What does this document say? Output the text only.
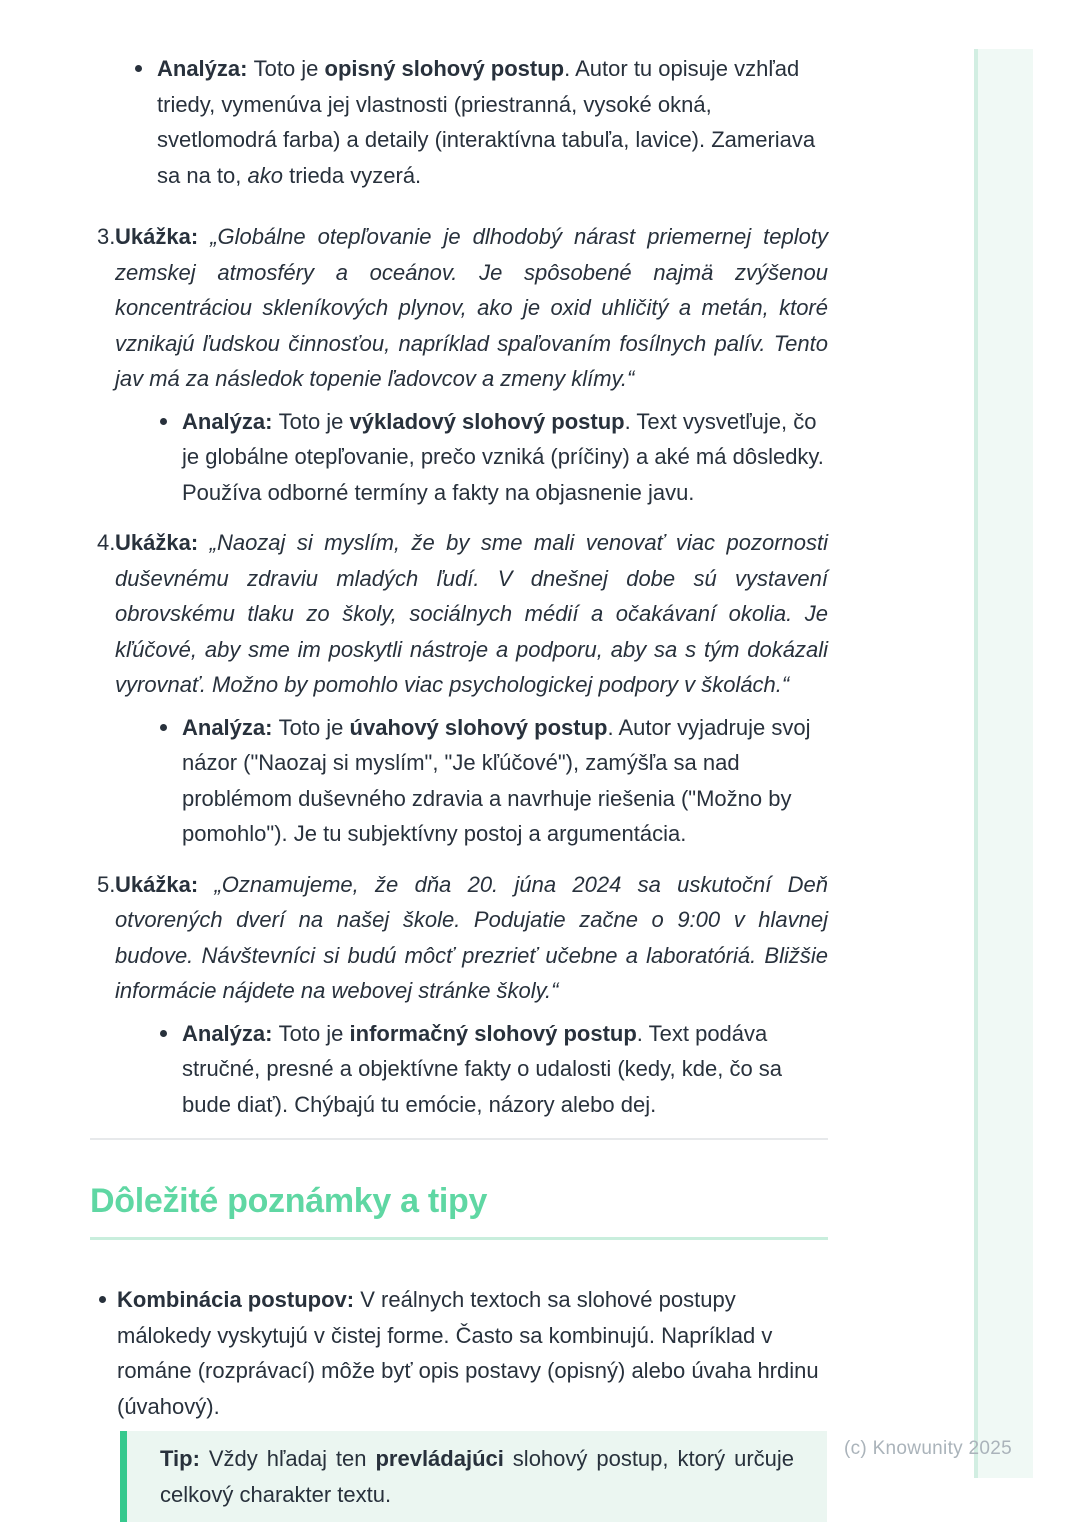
(c) Knowunity 2025

Analýza: Toto je opisný slohový postup. Autor tu opisuje vzhľad triedy, vymenúva jej vlastnosti (priestranná, vysoké okná, svetlomodrá farba) a detaily (interaktívna tabuľa, lavice). Zameriava sa na to, ako trieda vyzerá.

3. Ukážka: „Globálne otepľovanie je dlhodobý nárast priemernej teploty zemskej atmosféry a oceánov. Je spôsobené najmä zvýšenou koncentráciou skleníkových plynov, ako je oxid uhličitý a metán, ktoré vznikajú ľudskou činnosťou, napríklad spaľovaním fosílnych palív. Tento jav má za následok topenie ľadovcov a zmeny klímy.“

Analýza: Toto je výkladový slohový postup. Text vysvetľuje, čo je globálne otepľovanie, prečo vzniká (príčiny) a aké má dôsledky. Používa odborné termíny a fakty na objasnenie javu.

4. Ukážka: „Naozaj si myslím, že by sme mali venovať viac pozornosti duševnému zdraviu mladých ľudí. V dnešnej dobe sú vystavení obrovskému tlaku zo školy, sociálnych médií a očakávaní okolia. Je kľúčové, aby sme im poskytli nástroje a podporu, aby sa s tým dokázali vyrovnať. Možno by pomohlo viac psychologickej podpory v školách.“

Analýza: Toto je úvahový slohový postup. Autor vyjadruje svoj názor ("Naozaj si myslím", "Je kľúčové"), zamýšľa sa nad problémom duševného zdravia a navrhuje riešenia ("Možno by pomohlo"). Je tu subjektívny postoj a argumentácia.

5. Ukážka: „Oznamujeme, že dňa 20. júna 2024 sa uskutoční Deň otvorených dverí na našej škole. Podujatie začne o 9:00 v hlavnej budove. Návštevníci si budú môcť prezrieť učebne a laboratóriá. Bližšie informácie nájdete na webovej stránke školy.“

Analýza: Toto je informačný slohový postup. Text podáva stručné, presné a objektívne fakty o udalosti (kedy, kde, čo sa bude diať). Chýbajú tu emócie, názory alebo dej.

Dôležité poznámky a tipy

Kombinácia postupov: V reálnych textoch sa slohové postupy málokedy vyskytujú v čistej forme. Často sa kombinujú. Napríklad v románe (rozprávací) môže byť opis postavy (opisný) alebo úvaha hrdinu (úvahový).

Tip: Vždy hľadaj ten prevládajúci slohový postup, ktorý určuje celkový charakter textu.
